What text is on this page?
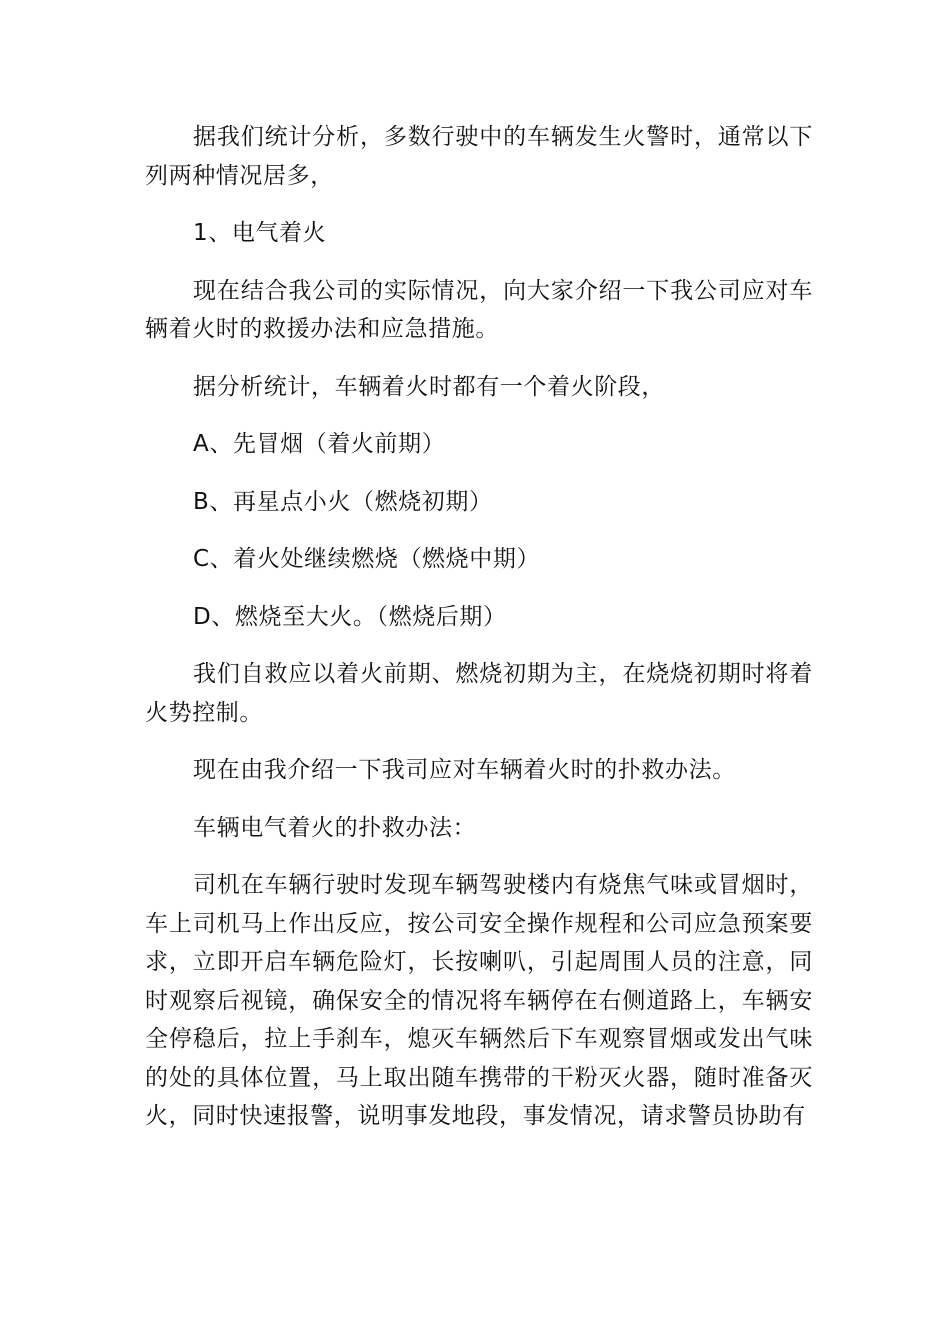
据我们统计分析，多数行驶中的车辆发生火警时，通常以下列两种情况居多，

1、电气着火

现在结合我公司的实际情况，向大家介绍一下我公司应对车辆着火时的救援办法和应急措施。

据分析统计，车辆着火时都有一个着火阶段，

A、先冒烟（着火前期）

B、再星点小火（燃烧初期）

C、着火处继续燃烧（燃烧中期）

D、燃烧至大火。（燃烧后期）

我们自救应以着火前期、燃烧初期为主，在烧烧初期时将着火势控制。

现在由我介绍一下我司应对车辆着火时的扑救办法。

车辆电气着火的扑救办法：

司机在车辆行驶时发现车辆驾驶楼内有烧焦气味或冒烟时，车上司机马上作出反应，按公司安全操作规程和公司应急预案要求，立即开启车辆危险灯，长按喇叭，引起周围人员的注意，同时观察后视镜，确保安全的情况将车辆停在右侧道路上，车辆安全停稳后，拉上手刹车，熄灭车辆然后下车观察冒烟或发出气味的处的具体位置，马上取出随车携带的干粉灭火器，随时准备灭火，同时快速报警，说明事发地段，事发情况，请求警员协助有
